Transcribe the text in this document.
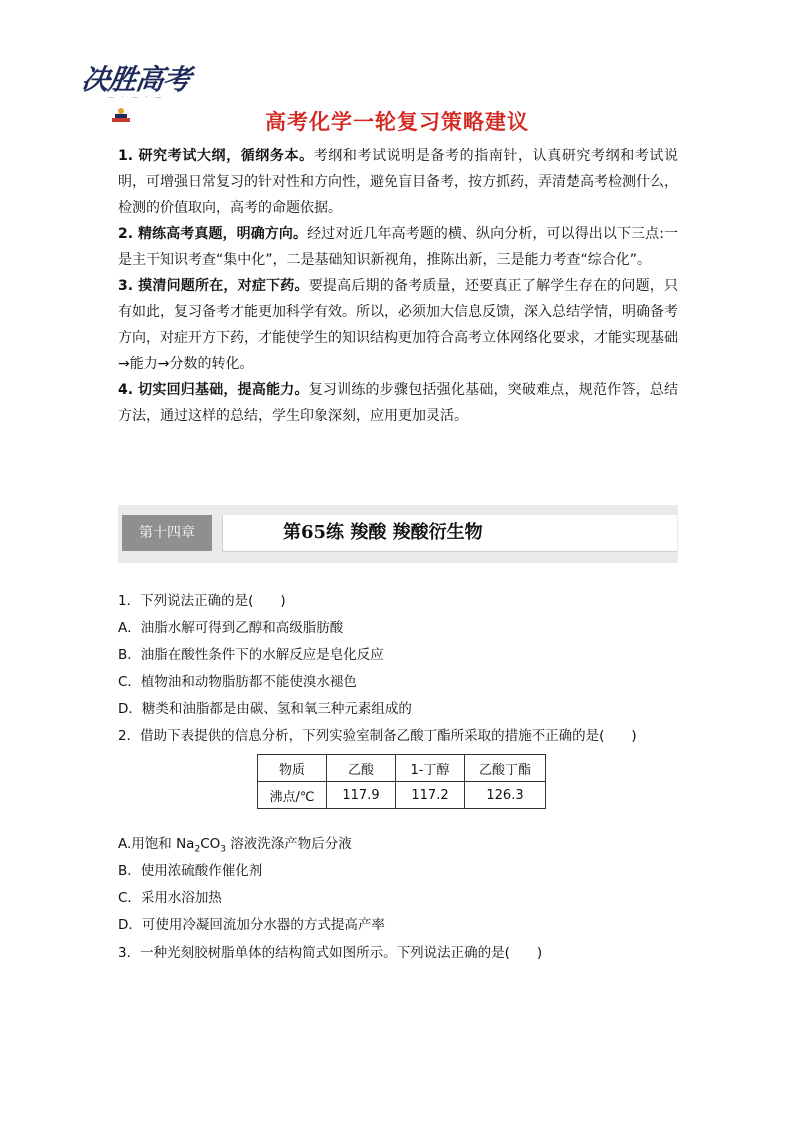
决胜高考
— · — · —
高考化学一轮复习策略建议

1. 研究考试大纲，循纲务本。考纲和考试说明是备考的指南针，认真研究考纲和考试说明，可增强日常复习的针对性和方向性，避免盲目备考，按方抓药，弄清楚高考检测什么，检测的价值取向，高考的命题依据。

2. 精练高考真题，明确方向。经过对近几年高考题的横、纵向分析，可以得出以下三点:一是主干知识考查“集中化”，二是基础知识新视角，推陈出新，三是能力考查“综合化”。

3. 摸清问题所在，对症下药。要提高后期的备考质量，还要真正了解学生存在的问题，只有如此，复习备考才能更加科学有效。所以，必须加大信息反馈，深入总结学情，明确备考方向，对症开方下药，才能使学生的知识结构更加符合高考立体网络化要求，才能实现基础→能力→分数的转化。

4. 切实回归基础，提高能力。复习训练的步骤包括强化基础，突破难点，规范作答，总结方法，通过这样的总结，学生印象深刻，应用更加灵活。

第十四章	第65练 羧酸 羧酸衍生物
1．下列说法正确的是(　　)
A．油脂水解可得到乙醇和高级脂肪酸
B．油脂在酸性条件下的水解反应是皂化反应
C．植物油和动物脂肪都不能使溴水褪色
D．糖类和油脂都是由碳、氢和氧三种元素组成的
2．借助下表提供的信息分析，下列实验室制备乙酸丁酯所采取的措施不正确的是(　　)
物质	乙酸	1-丁醇	乙酸丁酯
沸点/℃	117.9	117.2	126.3
A.用饱和 $Na_2CO_3$ 溶液洗涤产物后分液
B．使用浓硫酸作催化剂
C．采用水浴加热
D．可使用冷凝回流加分水器的方式提高产率
3．一种光刻胶树脂单体的结构简式如图所示。下列说法正确的是(　　)
